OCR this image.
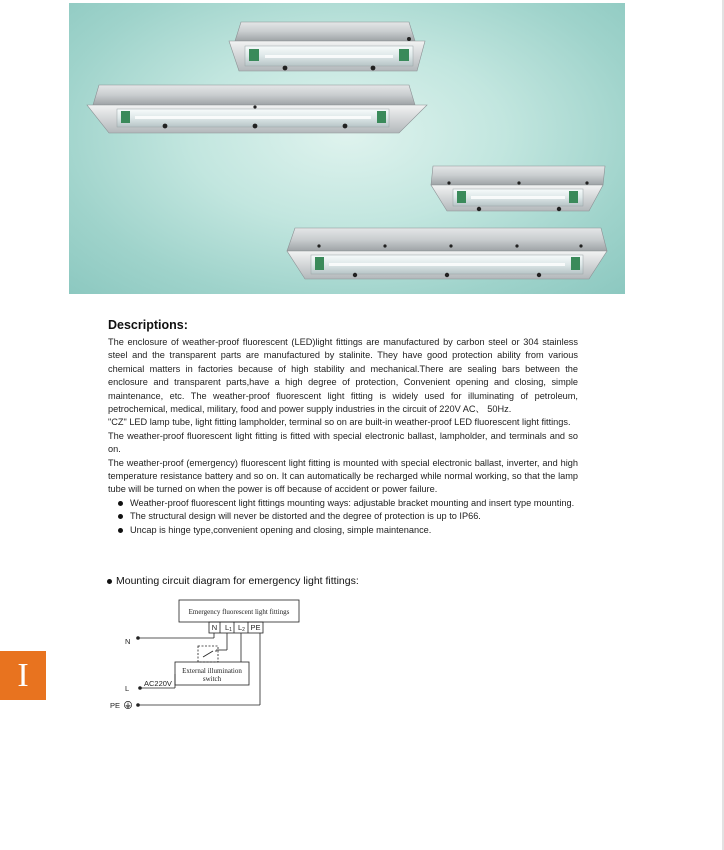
Descriptions:

The enclosure of weather-proof fluorescent (LED)light fittings are manufactured by carbon steel or 304 stainless steel and the transparent parts are manufactured by stalinite. They have good protection ability from various chemical matters in factories because of high stability and mechanical.There are sealing bars between the enclosure and transparent parts,have a high degree of protection, Convenient opening and closing, simple maintenance, etc. The weather-proof fluorescent light fitting is widely used for illuminating of petroleum, petrochemical, medical, military, food and power supply industries in the circuit of 220V AC、 50Hz.

"CZ" LED lamp tube, light fitting lampholder, terminal so on are built-in weather-proof LED fluorescent light fittings.

The weather-proof fluorescent light fitting is fitted with special electronic ballast, lampholder, and terminals and so on.

The weather-proof (emergency) fluorescent light fitting is mounted with special electronic ballast, inverter, and high temperature resistance battery and so on. It can automatically be recharged while normal working, so that the lamp tube will be turned on when the power is off because of accident or power failure.

Weather-proof fluorescent light fittings mounting ways: adjustable bracket mounting and insert type mounting.
The structural design will never be distorted and the degree of protection is up to IP66.
Uncap is hinge type,convenient opening and closing, simple maintenance.
Mounting circuit diagram for emergency light fittings:
Emergency fluorescent light fittings
N L1 L2 PE
External illumination
switch
AC220V
N
L
PE
I
